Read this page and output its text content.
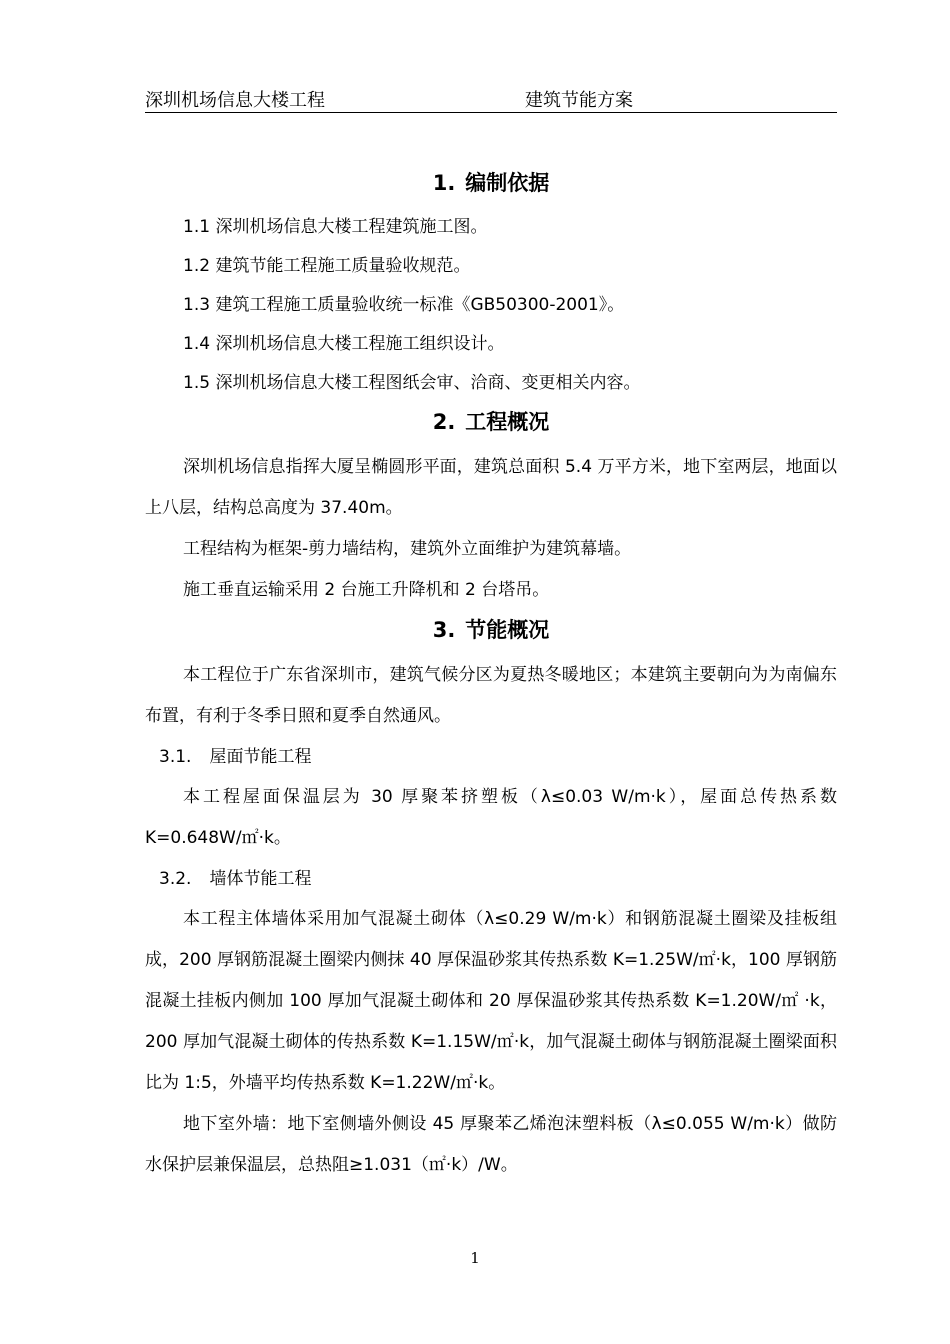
深圳机场信息大楼工程	建筑节能方案
1. 编制依据
1.1 深圳机场信息大楼工程建筑施工图。
1.2 建筑节能工程施工质量验收规范。
1.3 建筑工程施工质量验收统一标准《GB50300-2001》。
1.4 深圳机场信息大楼工程施工组织设计。
1.5 深圳机场信息大楼工程图纸会审、洽商、变更相关内容。
2. 工程概况

深圳机场信息指挥大厦呈椭圆形平面，建筑总面积 5.4 万平方米，地下室两层，地面以上八层，结构总高度为 37.40m。

工程结构为框架-剪力墙结构，建筑外立面维护为建筑幕墙。

施工垂直运输采用 2 台施工升降机和 2 台塔吊。

3. 节能概况

本工程位于广东省深圳市，建筑气候分区为夏热冬暖地区；本建筑主要朝向为为南偏东布置，有利于冬季日照和夏季自然通风。

3.1. 屋面节能工程

本工程屋面保温层为 30 厚聚苯挤塑板（λ≤0.03 W/m·k），屋面总传热系数 K=0.648W/㎡·k。

3.2. 墙体节能工程

本工程主体墙体采用加气混凝土砌体（λ≤0.29 W/m·k）和钢筋混凝土圈梁及挂板组成，200 厚钢筋混凝土圈梁内侧抹 40 厚保温砂浆其传热系数 K=1.25W/㎡·k，100 厚钢筋混凝土挂板内侧加 100 厚加气混凝土砌体和 20 厚保温砂浆其传热系数 K=1.20W/㎡ ·k，200 厚加气混凝土砌体的传热系数 K=1.15W/㎡·k，加气混凝土砌体与钢筋混凝土圈梁面积比为 1:5，外墙平均传热系数 K=1.22W/㎡·k。

地下室外墙：地下室侧墙外侧设 45 厚聚苯乙烯泡沫塑料板（λ≤0.055 W/m·k）做防水保护层兼保温层，总热阻≥1.031（㎡·k）/W。

1
